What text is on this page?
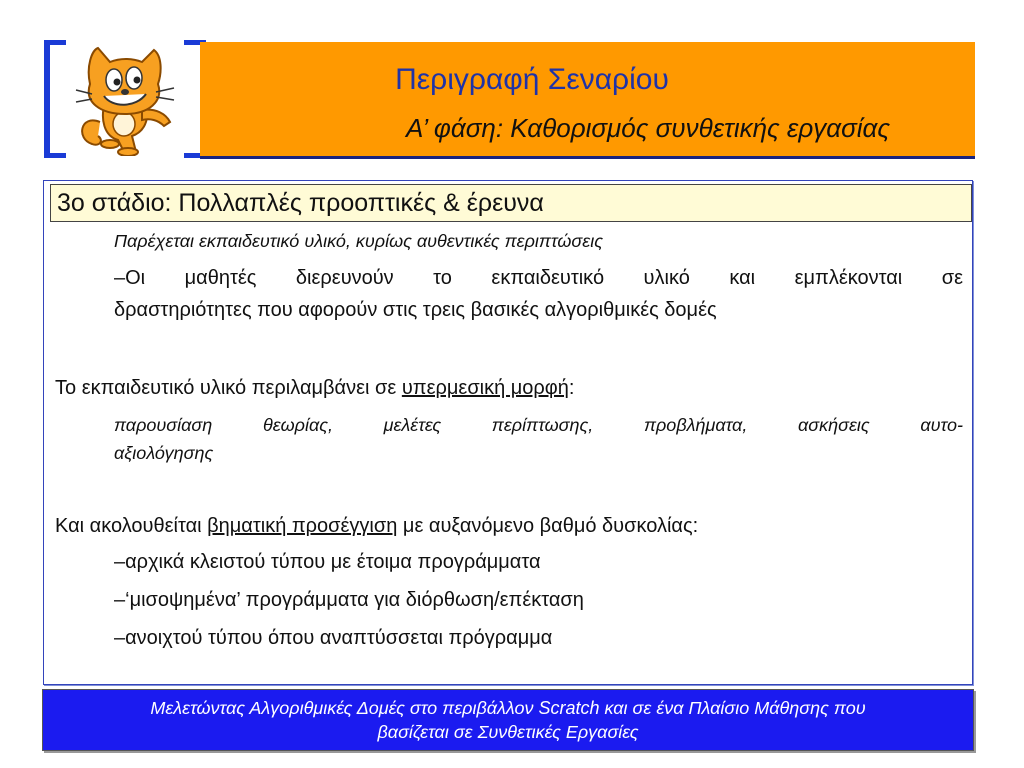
Περιγραφή Σεναρίου
Α’ φάση: Καθορισμός συνθετικής εργασίας
3ο στάδιο: Πολλαπλές προοπτικές & έρευνα
Παρέχεται εκπαιδευτικό υλικό, κυρίως αυθεντικές περιπτώσεις
–Οι μαθητές διερευνούν το εκπαιδευτικό υλικό και εμπλέκονται σε
δραστηριότητες που αφορούν στις τρεις βασικές αλγοριθμικές δομές
Το εκπαιδευτικό υλικό περιλαμβάνει σε υπερμεσική μορφή:
παρουσίαση θεωρίας, μελέτες περίπτωσης, προβλήματα, ασκήσεις αυτο-
αξιολόγησης
Και ακολουθείται βηματική προσέγγιση με αυξανόμενο βαθμό δυσκολίας:
–αρχικά κλειστού τύπου με έτοιμα προγράμματα
–‘μισοψημένα’ προγράμματα για διόρθωση/επέκταση
–ανοιχτού τύπου όπου αναπτύσσεται πρόγραμμα
Μελετώντας Αλγοριθμικές Δομές στο περιβάλλον Scratch και σε ένα Πλαίσιο Μάθησης που
βασίζεται σε Συνθετικές Εργασίες
